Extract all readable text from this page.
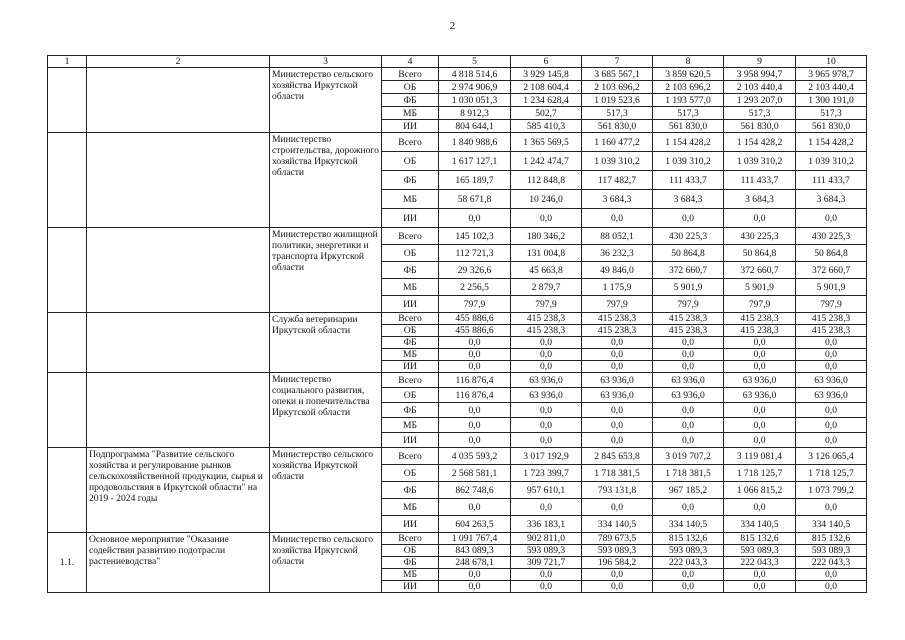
2
1	2	3	4	5	6	7	8	9	10
		Министерство сельского хозяйства Иркутской области	Всего	4 818 514,6	3 929 145,8	3 685 567,1	3 859 620,5	3 958 994,7	3 965 978,7
			ОБ	2 974 906,9	2 108 604,4	2 103 696,2	2 103 696,2	2 103 440,4	2 103 440,4
			ФБ	1 030 051,3	1 234 628,4	1 019 523,6	1 193 577,0	1 293 207,0	1 300 191,0
			МБ	8 912,3	502,7	517,3	517,3	517,3	517,3
			ИИ	804 644,1	585 410,3	561 830,0	561 830,0	561 830,0	561 830,0
		Министерство строительства, дорожного хозяйства Иркутской области	Всего	1 840 988,6	1 365 569,5	1 160 477,2	1 154 428,2	1 154 428,2	1 154 428,2
			ОБ	1 617 127,1	1 242 474,7	1 039 310,2	1 039 310,2	1 039 310,2	1 039 310,2
			ФБ	165 189,7	112 848,8	117 482,7	111 433,7	111 433,7	111 433,7
			МБ	58 671,8	10 246,0	3 684,3	3 684,3	3 684,3	3 684,3
			ИИ	0,0	0,0	0,0	0,0	0,0	0,0
		Министерство жилищной политики, энергетики и транспорта Иркутской области	Всего	145 102,3	180 346,2	88 052,1	430 225,3	430 225,3	430 225,3
			ОБ	112 721,3	131 004,8	36 232,3	50 864,8	50 864,8	50 864,8
			ФБ	29 326,6	45 663,8	49 846,0	372 660,7	372 660,7	372 660,7
			МБ	2 256,5	2 879,7	1 175,9	5 901,9	5 901,9	5 901,9
			ИИ	797,9	797,9	797,9	797,9	797,9	797,9
		Служба ветеринарии Иркутской области	Всего	455 886,6	415 238,3	415 238,3	415 238,3	415 238,3	415 238,3
			ОБ	455 886,6	415 238,3	415 238,3	415 238,3	415 238,3	415 238,3
			ФБ	0,0	0,0	0,0	0,0	0,0	0,0
			МБ	0,0	0,0	0,0	0,0	0,0	0,0
			ИИ	0,0	0,0	0,0	0,0	0,0	0,0
		Министерство социального развития, опеки и попечительства Иркутской области	Всего	116 876,4	63 936,0	63 936,0	63 936,0	63 936,0	63 936,0
			ОБ	116 876,4	63 936,0	63 936,0	63 936,0	63 936,0	63 936,0
			ФБ	0,0	0,0	0,0	0,0	0,0	0,0
			МБ	0,0	0,0	0,0	0,0	0,0	0,0
			ИИ	0,0	0,0	0,0	0,0	0,0	0,0
	Подпрограмма "Развитие сельского хозяйства и регулирование рынков сельскохозяйственной продукции, сырья и продовольствия в Иркутской области" на 2019 - 2024 годы	Министерство сельского хозяйства Иркутской области	Всего	4 035 593,2	3 017 192,9	2 845 653,8	3 019 707,2	3 119 081,4	3 126 065,4
			ОБ	2 568 581,1	1 723 399,7	1 718 381,5	1 718 381,5	1 718 125,7	1 718 125,7
			ФБ	862 748,6	957 610,1	793 131,8	967 185,2	1 066 815,2	1 073 799,2
			МБ	0,0	0,0	0,0	0,0	0,0	0,0
			ИИ	604 263,5	336 183,1	334 140,5	334 140,5	334 140,5	334 140,5
1.1.	Основное мероприятие "Оказание содействия развитию подотрасли растениеводства"	Министерство сельского хозяйства Иркутской области	Всего	1 091 767,4	902 811,0	789 673,5	815 132,6	815 132,6	815 132,6
			ОБ	843 089,3	593 089,3	593 089,3	593 089,3	593 089,3	593 089,3
			ФБ	248 678,1	309 721,7	196 584,2	222 043,3	222 043,3	222 043,3
			МБ	0,0	0,0	0,0	0,0	0,0	0,0
			ИИ	0,0	0,0	0,0	0,0	0,0	0,0
